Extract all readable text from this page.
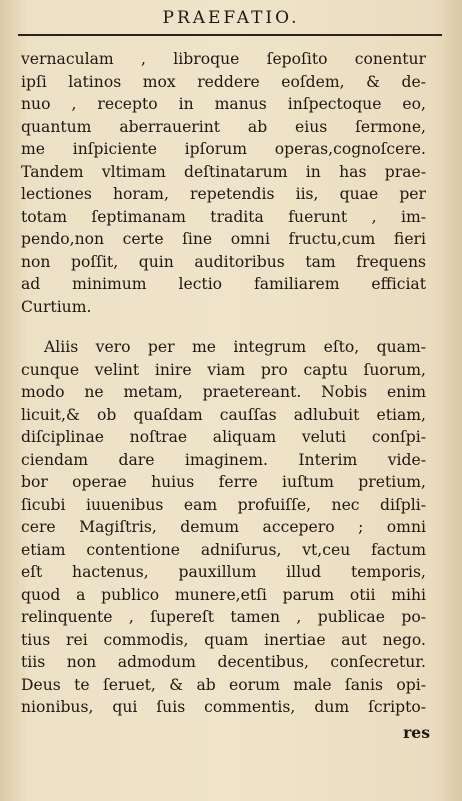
PRAEFATIO.
vernaculam , libroque ſepoſito conentur
ipſi latinos mox reddere eoſdem, & de-
nuo , recepto in manus inſpectoque eo,
quantum aberrauerint ab eius ſermone,
me inſpiciente ipſorum operas,cognoſcere.
Tandem vltimam deſtinatarum in has prae-
lectiones horam, repetendis iis, quae per
totam ſeptimanam tradita fuerunt , im-
pendo,non certe ſine omni fructu,cum fieri
non poſſit, quin auditoribus tam frequens
ad minimum lectio familiarem efficiat
Curtium.
Aliis vero per me integrum eſto, quam-
cunque velint inire viam pro captu ſuorum,
modo ne metam, praetereant. Nobis enim
licuit,& ob quaſdam cauſſas adlubuit etiam,
diſciplinae noſtrae aliquam veluti conſpi-
ciendam dare imaginem. Interim vide-
bor operae huius ferre iuſtum pretium,
ſicubi iuuenibus eam profuiſſe, nec diſpli-
cere Magiſtris, demum accepero ; omni
etiam contentione adniſurus, vt,ceu factum
eſt hactenus, pauxillum illud temporis,
quod a publico munere,etſi parum otii mihi
relinquente , ſupereſt tamen , publicae po-
tius rei commodis, quam inertiae aut nego.
tiis non admodum decentibus, conſecretur.
Deus te ſeruet, & ab eorum male ſanis opi-
nionibus, qui ſuis commentis, dum ſcripto-
res
